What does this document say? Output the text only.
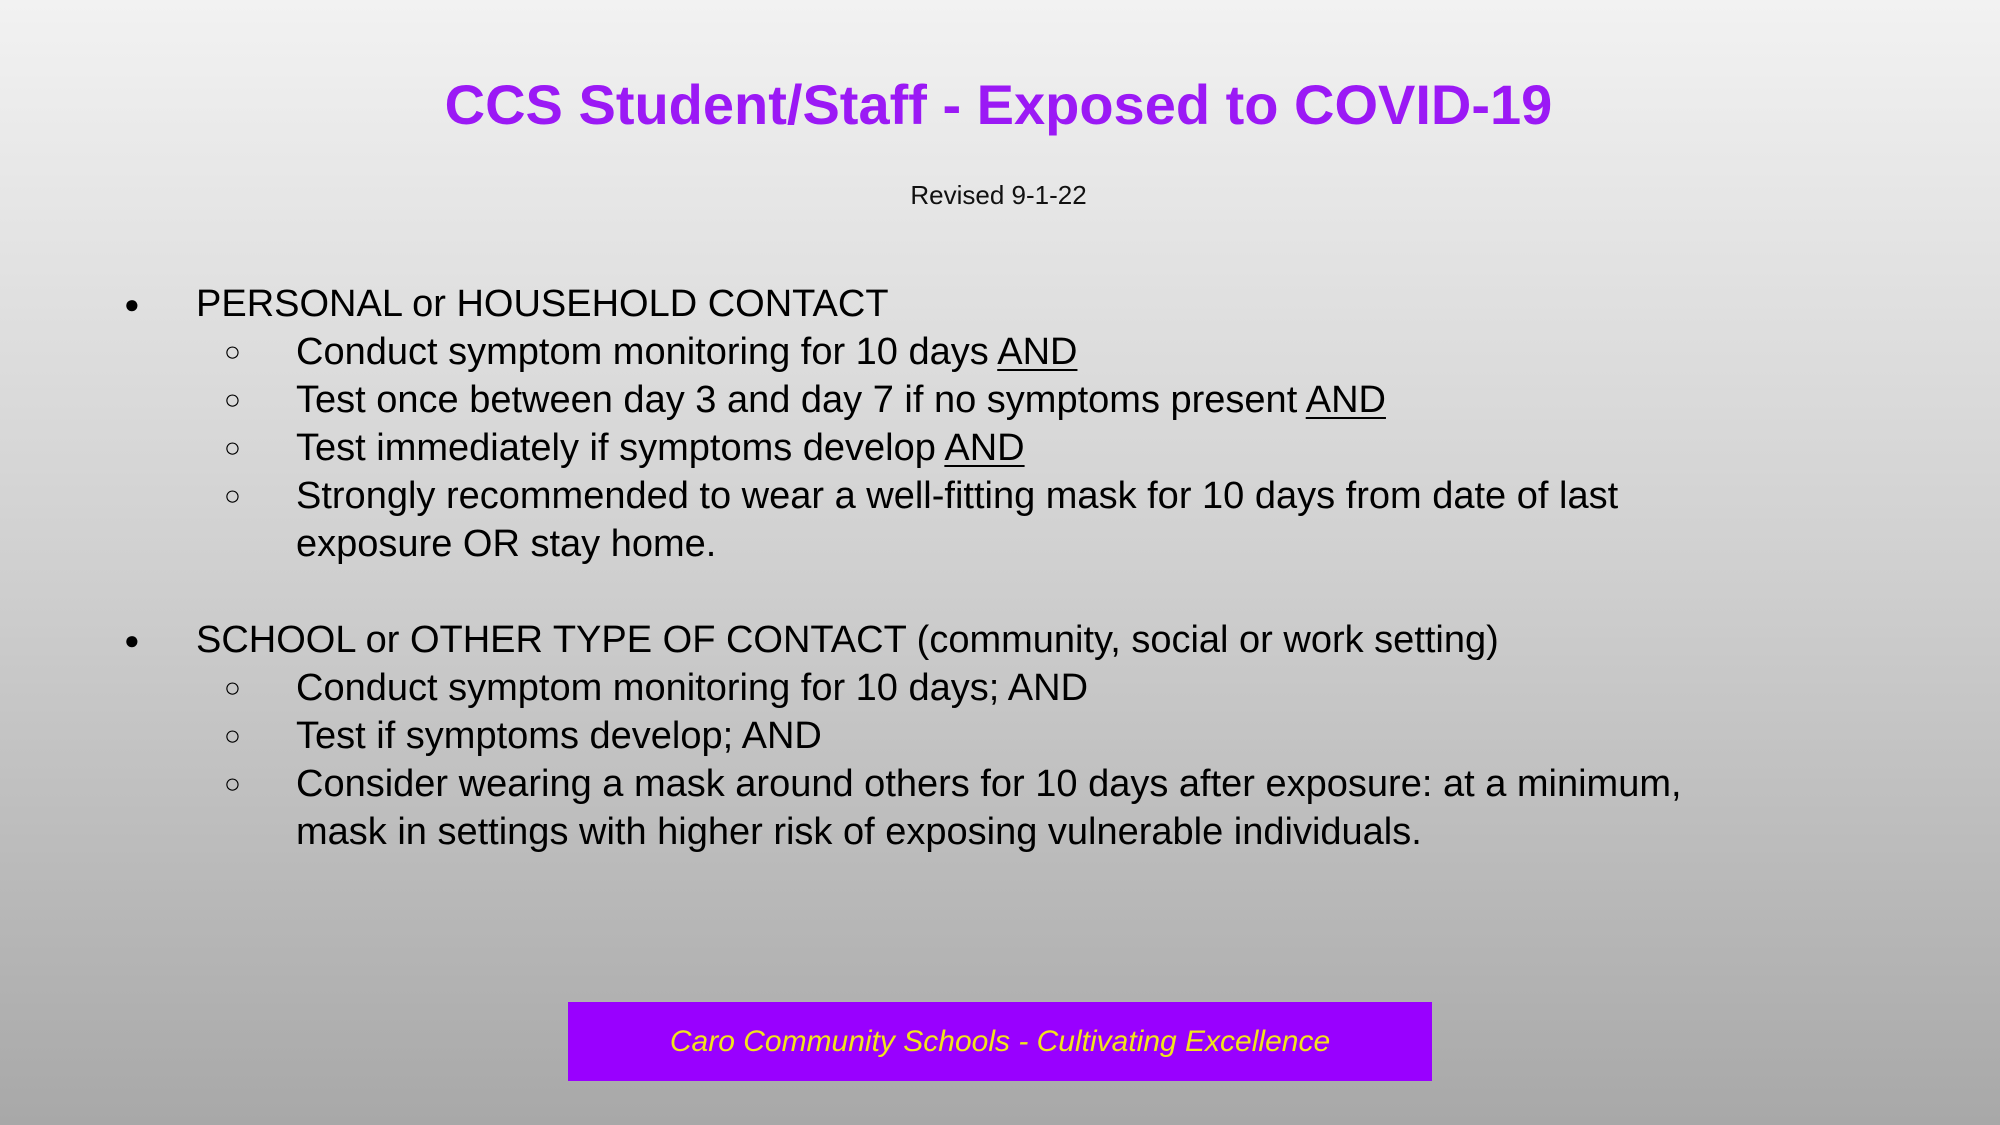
CCS Student/Staff - Exposed to COVID-19
Revised 9-1-22
● PERSONAL or HOUSEHOLD CONTACT
○ Conduct symptom monitoring for 10 days AND
○ Test once between day 3 and day 7 if no symptoms present AND
○ Test immediately if symptoms develop AND
○ Strongly recommended to wear a well-fitting mask for 10 days from date of last exposure OR stay home.
● SCHOOL or OTHER TYPE OF CONTACT (community, social or work setting)
○ Conduct symptom monitoring for 10 days; AND
○ Test if symptoms develop; AND
○ Consider wearing a mask around others for 10 days after exposure: at a minimum, mask in settings with higher risk of exposing vulnerable individuals.
Caro Community Schools - Cultivating Excellence
